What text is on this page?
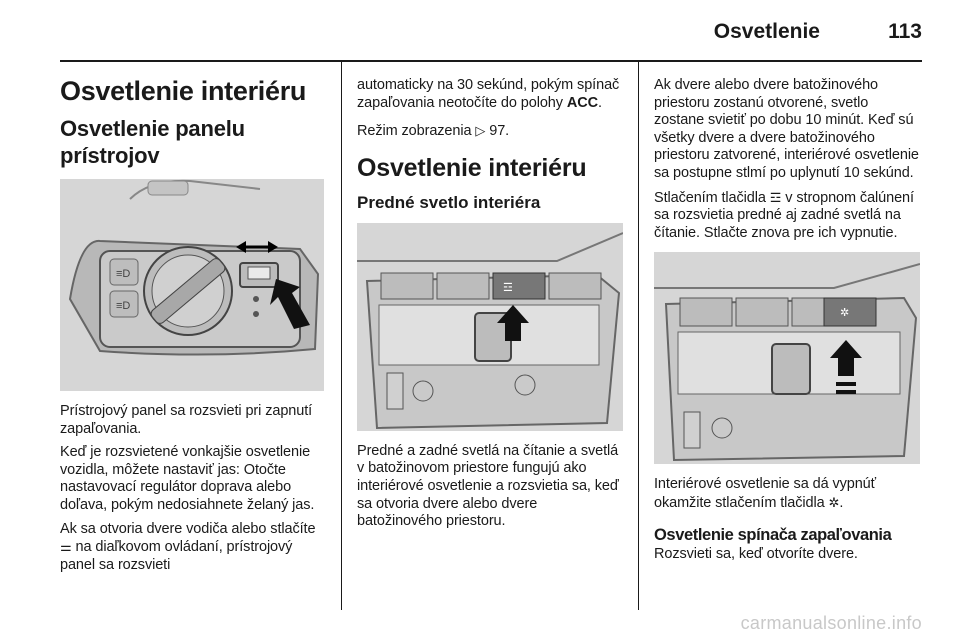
Osvetlenie	113
Osvetlenie interiéru
Osvetlenie panelu prístrojov
≡D
≡D

Prístrojový panel sa rozsvieti pri zapnutí zapaľovania.

Keď je rozsvietené vonkajšie osvetlenie vozidla, môžete nastaviť jas: Otočte nastavovací regulátor doprava alebo doľava, pokým nedosiahnete želaný jas.

Ak sa otvoria dvere vodiča alebo stlačíte ⚌ na diaľkovom ovládaní, prístrojový panel sa rozsvieti

automaticky na 30 sekúnd, pokým spínač zapaľovania neotočíte do polohy ACC.

Režim zobrazenia ▷ 97.

Osvetlenie interiéru
Predné svetlo interiéra
☲

Predné a zadné svetlá na čítanie a svetlá v batožinovom priestore fungujú ako interiérové osvetlenie a rozsvietia sa, keď sa otvoria dvere alebo dvere batožinového priestoru.

Ak dvere alebo dvere batožinového priestoru zostanú otvorené, svetlo zostane svietiť po dobu 10 minút. Keď sú všetky dvere a dvere batožinového priestoru zatvorené, interiérové osvetlenie sa postupne stlmí po uplynutí 10 sekúnd.

Stlačením tlačidla ☲ v stropnom čalúnení sa rozsvietia predné aj zadné svetlá na čítanie. Stlačte znova pre ich vypnutie.

✲

Interiérové osvetlenie sa dá vypnúť okamžite stlačením tlačidla ✲.

Osvetlenie spínača zapaľovania

Rozsvieti sa, keď otvoríte dvere.

carmanualsonline.info
